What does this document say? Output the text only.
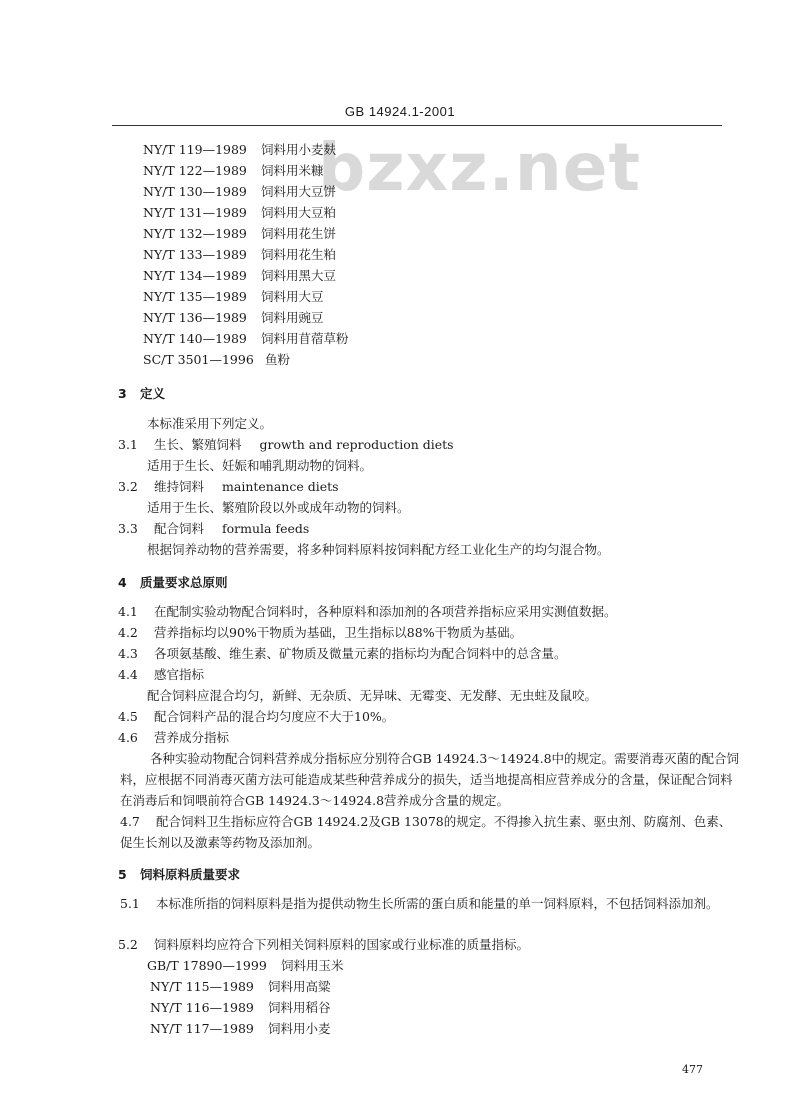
bzxz.net
GB 14924.1-2001
NY/T 119—1989 饲料用小麦麸
NY/T 122—1989 饲料用米糠
NY/T 130—1989 饲料用大豆饼
NY/T 131—1989 饲料用大豆粕
NY/T 132—1989 饲料用花生饼
NY/T 133—1989 饲料用花生粕
NY/T 134—1989 饲料用黑大豆
NY/T 135—1989 饲料用大豆
NY/T 136—1989 饲料用豌豆
NY/T 140—1989 饲料用苜蓿草粉
SC/T 3501—1996 鱼粉
3 定义
本标准采用下列定义。
3.1 生长、繁殖饲料 growth and reproduction diets
适用于生长、妊娠和哺乳期动物的饲料。
3.2 维持饲料 maintenance diets
适用于生长、繁殖阶段以外或成年动物的饲料。
3.3 配合饲料 formula feeds
根据饲养动物的营养需要，将多种饲料原料按饲料配方经工业化生产的均匀混合物。
4 质量要求总原则
4.1 在配制实验动物配合饲料时，各种原料和添加剂的各项营养指标应采用实测值数据。
4.2 营养指标均以90%干物质为基础，卫生指标以88%干物质为基础。
4.3 各项氨基酸、维生素、矿物质及微量元素的指标均为配合饲料中的总含量。
4.4 感官指标
配合饲料应混合均匀，新鲜、无杂质、无异味、无霉变、无发酵、无虫蛀及鼠咬。
4.5 配合饲料产品的混合均匀度应不大于10%。
4.6 营养成分指标
各种实验动物配合饲料营养成分指标应分别符合GB 14924.3～14924.8中的规定。需要消毒灭菌的配合饲料，应根据不同消毒灭菌方法可能造成某些种营养成分的损失，适当地提高相应营养成分的含量，保证配合饲料在消毒后和饲喂前符合GB 14924.3～14924.8营养成分含量的规定。
4.7 配合饲料卫生指标应符合GB 14924.2及GB 13078的规定。不得掺入抗生素、驱虫剂、防腐剂、色素、促生长剂以及激素等药物及添加剂。
5 饲料原料质量要求
5.1 本标准所指的饲料原料是指为提供动物生长所需的蛋白质和能量的单一饲料原料，不包括饲料添加剂。
5.2 饲料原料均应符合下列相关饲料原料的国家或行业标准的质量指标。
GB/T 17890—1999 饲料用玉米
NY/T 115—1989 饲料用高粱
NY/T 116—1989 饲料用稻谷
NY/T 117—1989 饲料用小麦
477
